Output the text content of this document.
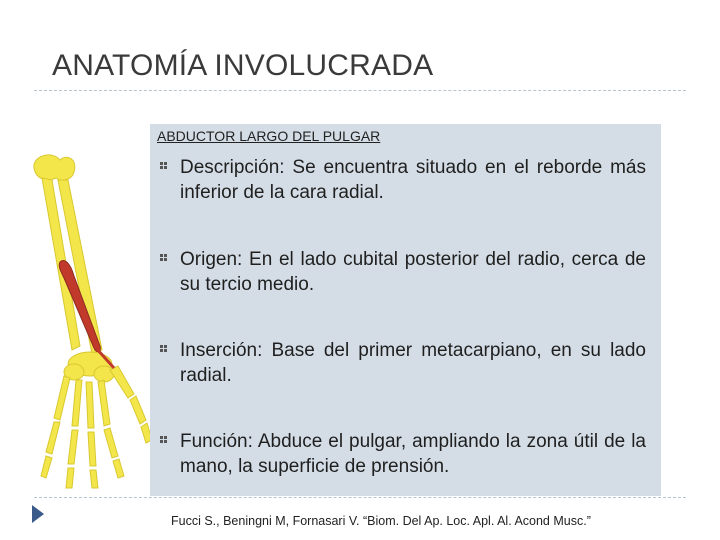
ANATOMÍA INVOLUCRADA
ABDUCTOR LARGO DEL PULGAR
Descripción: Se encuentra situado en el reborde más inferior de la cara radial.
Origen: En el lado cubital posterior del radio, cerca de su tercio medio.
Inserción: Base del primer metacarpiano, en su lado radial.
Función: Abduce el pulgar, ampliando la zona útil de la mano, la superficie de prensión.
Fucci S., Beningni M, Fornasari V. “Biom. Del Ap. Loc. Apl. Al. Acond Musc.”
